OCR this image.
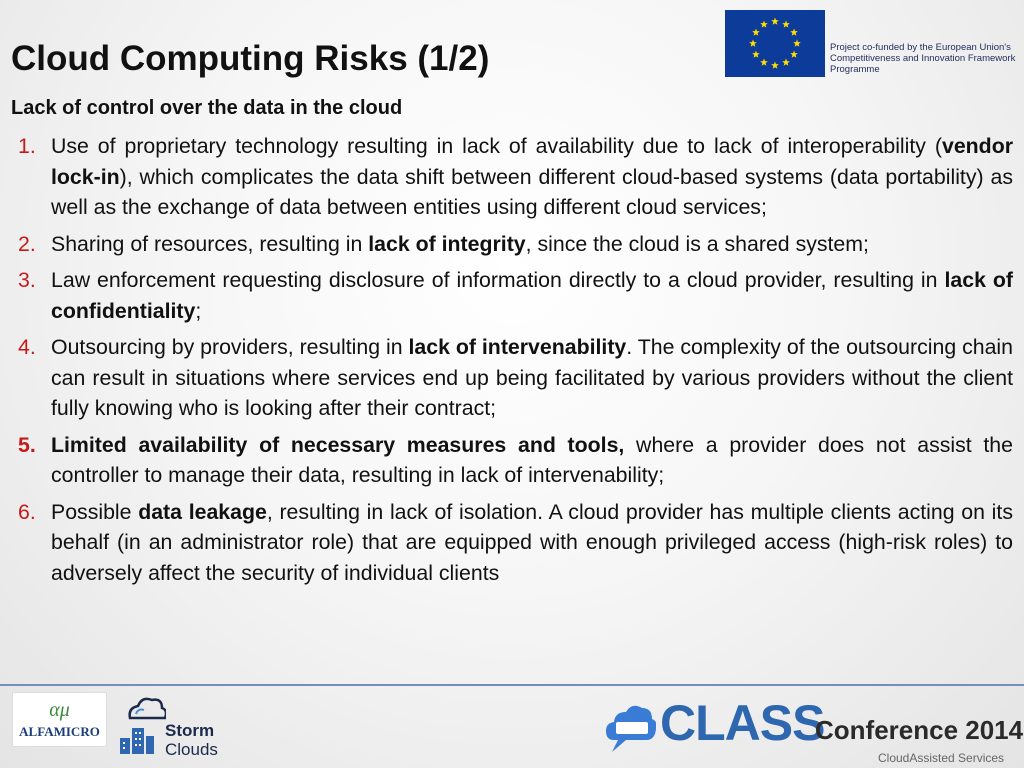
Cloud Computing Risks (1/2)
Lack of control over the data in the cloud
Project co-funded by the European Union's
Competitiveness and Innovation Framework
Programme
1. Use of proprietary technology resulting in lack of availability due to lack of interoperability (vendor lock-in), which complicates the data shift between different cloud-based systems (data portability) as well as the exchange of data between entities using different cloud services;
2. Sharing of resources, resulting in lack of integrity, since the cloud is a shared system;
3. Law enforcement requesting disclosure of information directly to a cloud provider, resulting in lack of confidentiality;
4. Outsourcing by providers, resulting in lack of intervenability. The complexity of the outsourcing chain can result in situations where services end up being facilitated by various providers without the client fully knowing who is looking after their contract;
5. Limited availability of necessary measures and tools, where a provider does not assist the controller to manage their data, resulting in lack of intervenability;
6. Possible data leakage, resulting in lack of isolation. A cloud provider has multiple clients acting on its behalf (in an administrator role) that are equipped with enough privileged access (high-risk roles) to adversely affect the security of individual clients
αμ
ALFAMICRO	Storm
Clouds	CLASS
Conference 2014
CloudAssisted Services
